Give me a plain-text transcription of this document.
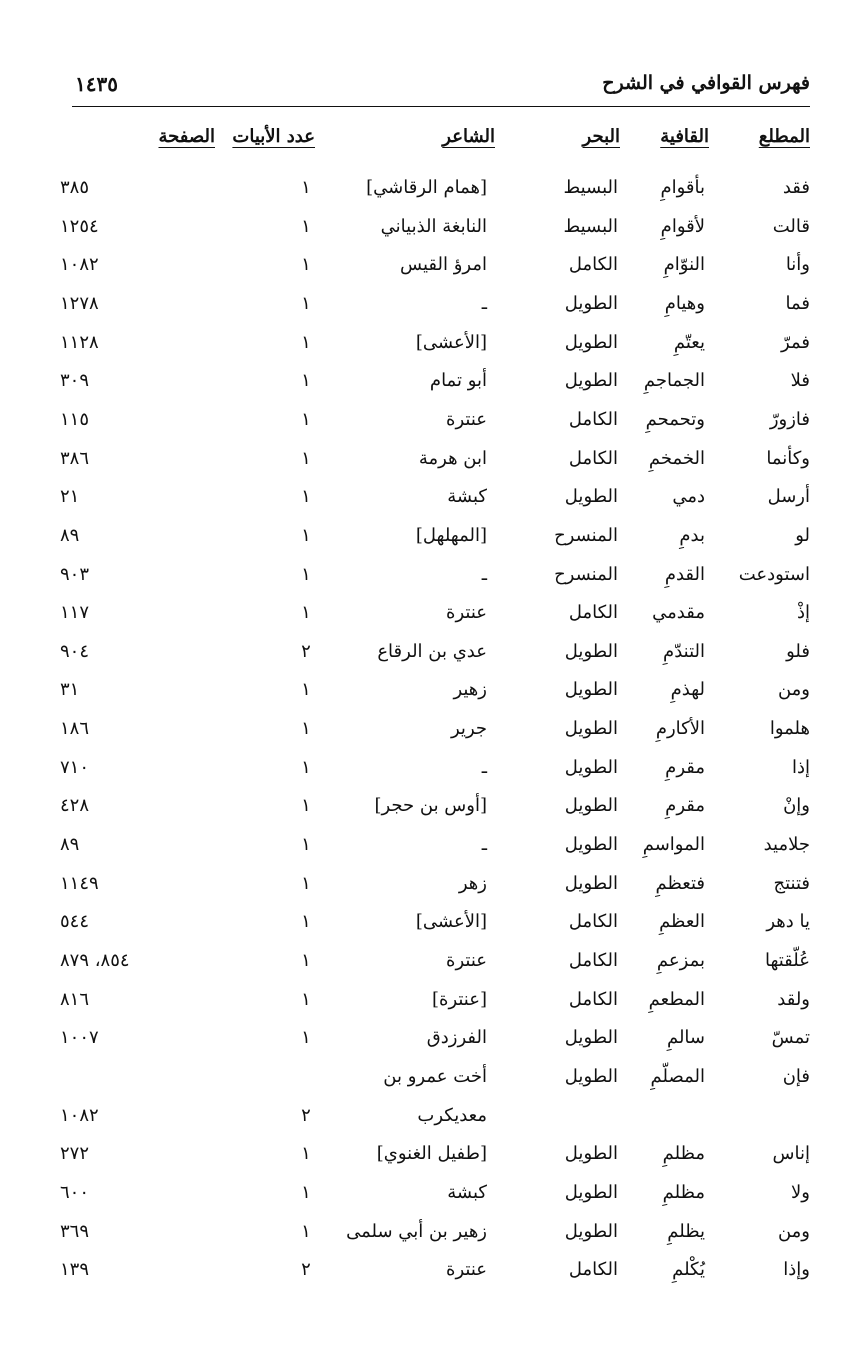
فهرس القوافي في الشرح
١٤٣٥
المطلع
القافية
البحر
الشاعر
عدد الأبيات
الصفحة
فقد
بأقوامِ
البسيط
[همام الرقاشي]
١
٣٨٥
قالت
لأقوامِ
البسيط
النابغة الذبياني
١
١٢٥٤
وأنا
النوّامِ
الكامل
امرؤ القيس
١
١٠٨٢
فما
وهيامِ
الطويل
ـ
١
١٢٧٨
فمرّ
يعتّمِ
الطويل
[الأعشى]
١
١١٢٨
فلا
الجماجمِ
الطويل
أبو تمام
١
٣٠٩
فازورّ
وتحمحمِ
الكامل
عنترة
١
١١٥
وكأنما
الخمخمِ
الكامل
ابن هرمة
١
٣٨٦
أرسل
دمي
الطويل
كبشة
١
٢١
لو
بدمِ
المنسرح
[المهلهل]
١
٨٩
استودعت
القدمِ
المنسرح
ـ
١
٩٠٣
إذْ
مقدمي
الكامل
عنترة
١
١١٧
فلو
التندّمِ
الطويل
عدي بن الرقاع
٢
٩٠٤
ومن
لهذمِ
الطويل
زهير
١
٣١
هلموا
الأكارمِ
الطويل
جرير
١
١٨٦
إذا
مقرمِ
الطويل
ـ
١
٧١٠
وإنْ
مقرمِ
الطويل
[أوس بن حجر]
١
٤٢٨
جلاميد
المواسمِ
الطويل
ـ
١
٨٩
فتنتج
فتعظمِ
الطويل
زهر
١
١١٤٩
يا دهر
العظمِ
الكامل
[الأعشى]
١
٥٤٤
عُلّقتها
بمزعمِ
الكامل
عنترة
١
٨٥٤، ٨٧٩
ولقد
المطعمِ
الكامل
[عنترة]
١
٨١٦
تمسّ
سالمِ
الطويل
الفرزدق
١
١٠٠٧
فإن
المصلّمِ
الطويل
أخت عمرو بن
معديكرب
٢
١٠٨٢
إناس
مظلمِ
الطويل
[طفيل الغنوي]
١
٢٧٢
ولا
مظلمِ
الطويل
كبشة
١
٦٠٠
ومن
يظلمِ
الطويل
زهير بن أبي سلمى
١
٣٦٩
وإذا
يُكْلمِ
الكامل
عنترة
٢
١٣٩
